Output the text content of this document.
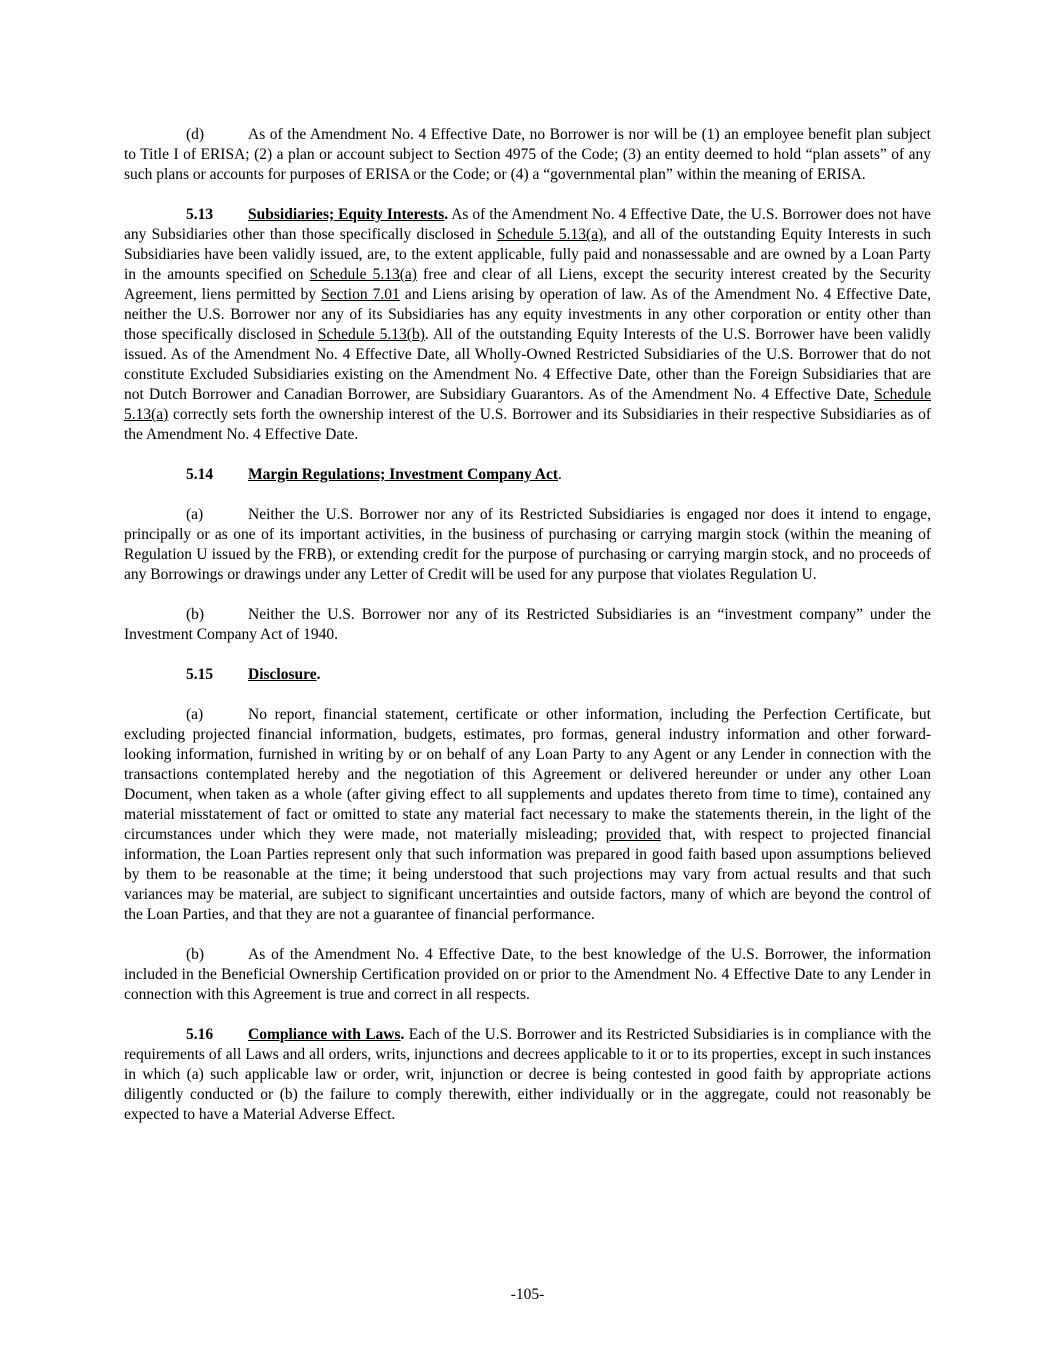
(d)	As of the Amendment No. 4 Effective Date, no Borrower is nor will be (1) an employee benefit plan subject to Title I of ERISA; (2) a plan or account subject to Section 4975 of the Code; (3) an entity deemed to hold “plan assets” of any such plans or accounts for purposes of ERISA or the Code; or (4) a “governmental plan” within the meaning of ERISA.

5.13 Subsidiaries; Equity Interests. As of the Amendment No. 4 Effective Date, the U.S. Borrower does not have any Subsidiaries other than those specifically disclosed in Schedule 5.13(a), and all of the outstanding Equity Interests in such Subsidiaries have been validly issued, are, to the extent applicable, fully paid and nonassessable and are owned by a Loan Party in the amounts specified on Schedule 5.13(a) free and clear of all Liens, except the security interest created by the Security Agreement, liens permitted by Section 7.01 and Liens arising by operation of law. As of the Amendment No. 4 Effective Date, neither the U.S. Borrower nor any of its Subsidiaries has any equity investments in any other corporation or entity other than those specifically disclosed in Schedule 5.13(b). All of the outstanding Equity Interests of the U.S. Borrower have been validly issued. As of the Amendment No. 4 Effective Date, all Wholly-Owned Restricted Subsidiaries of the U.S. Borrower that do not constitute Excluded Subsidiaries existing on the Amendment No. 4 Effective Date, other than the Foreign Subsidiaries that are not Dutch Borrower and Canadian Borrower, are Subsidiary Guarantors. As of the Amendment No. 4 Effective Date, Schedule 5.13(a) correctly sets forth the ownership interest of the U.S. Borrower and its Subsidiaries in their respective Subsidiaries as of the Amendment No. 4 Effective Date.

5.14 Margin Regulations; Investment Company Act.

(a)	Neither the U.S. Borrower nor any of its Restricted Subsidiaries is engaged nor does it intend to engage, principally or as one of its important activities, in the business of purchasing or carrying margin stock (within the meaning of Regulation U issued by the FRB), or extending credit for the purpose of purchasing or carrying margin stock, and no proceeds of any Borrowings or drawings under any Letter of Credit will be used for any purpose that violates Regulation U.

(b)	Neither the U.S. Borrower nor any of its Restricted Subsidiaries is an “investment company” under the Investment Company Act of 1940.

5.15 Disclosure.

(a)	No report, financial statement, certificate or other information, including the Perfection Certificate, but excluding projected financial information, budgets, estimates, pro formas, general industry information and other forward-looking information, furnished in writing by or on behalf of any Loan Party to any Agent or any Lender in connection with the transactions contemplated hereby and the negotiation of this Agreement or delivered hereunder or under any other Loan Document, when taken as a whole (after giving effect to all supplements and updates thereto from time to time), contained any material misstatement of fact or omitted to state any material fact necessary to make the statements therein, in the light of the circumstances under which they were made, not materially misleading; provided that, with respect to projected financial information, the Loan Parties represent only that such information was prepared in good faith based upon assumptions believed by them to be reasonable at the time; it being understood that such projections may vary from actual results and that such variances may be material, are subject to significant uncertainties and outside factors, many of which are beyond the control of the Loan Parties, and that they are not a guarantee of financial performance.

(b)	As of the Amendment No. 4 Effective Date, to the best knowledge of the U.S. Borrower, the information included in the Beneficial Ownership Certification provided on or prior to the Amendment No. 4 Effective Date to any Lender in connection with this Agreement is true and correct in all respects.

5.16 Compliance with Laws. Each of the U.S. Borrower and its Restricted Subsidiaries is in compliance with the requirements of all Laws and all orders, writs, injunctions and decrees applicable to it or to its properties, except in such instances in which (a) such applicable law or order, writ, injunction or decree is being contested in good faith by appropriate actions diligently conducted or (b) the failure to comply therewith, either individually or in the aggregate, could not reasonably be expected to have a Material Adverse Effect.

-105-
